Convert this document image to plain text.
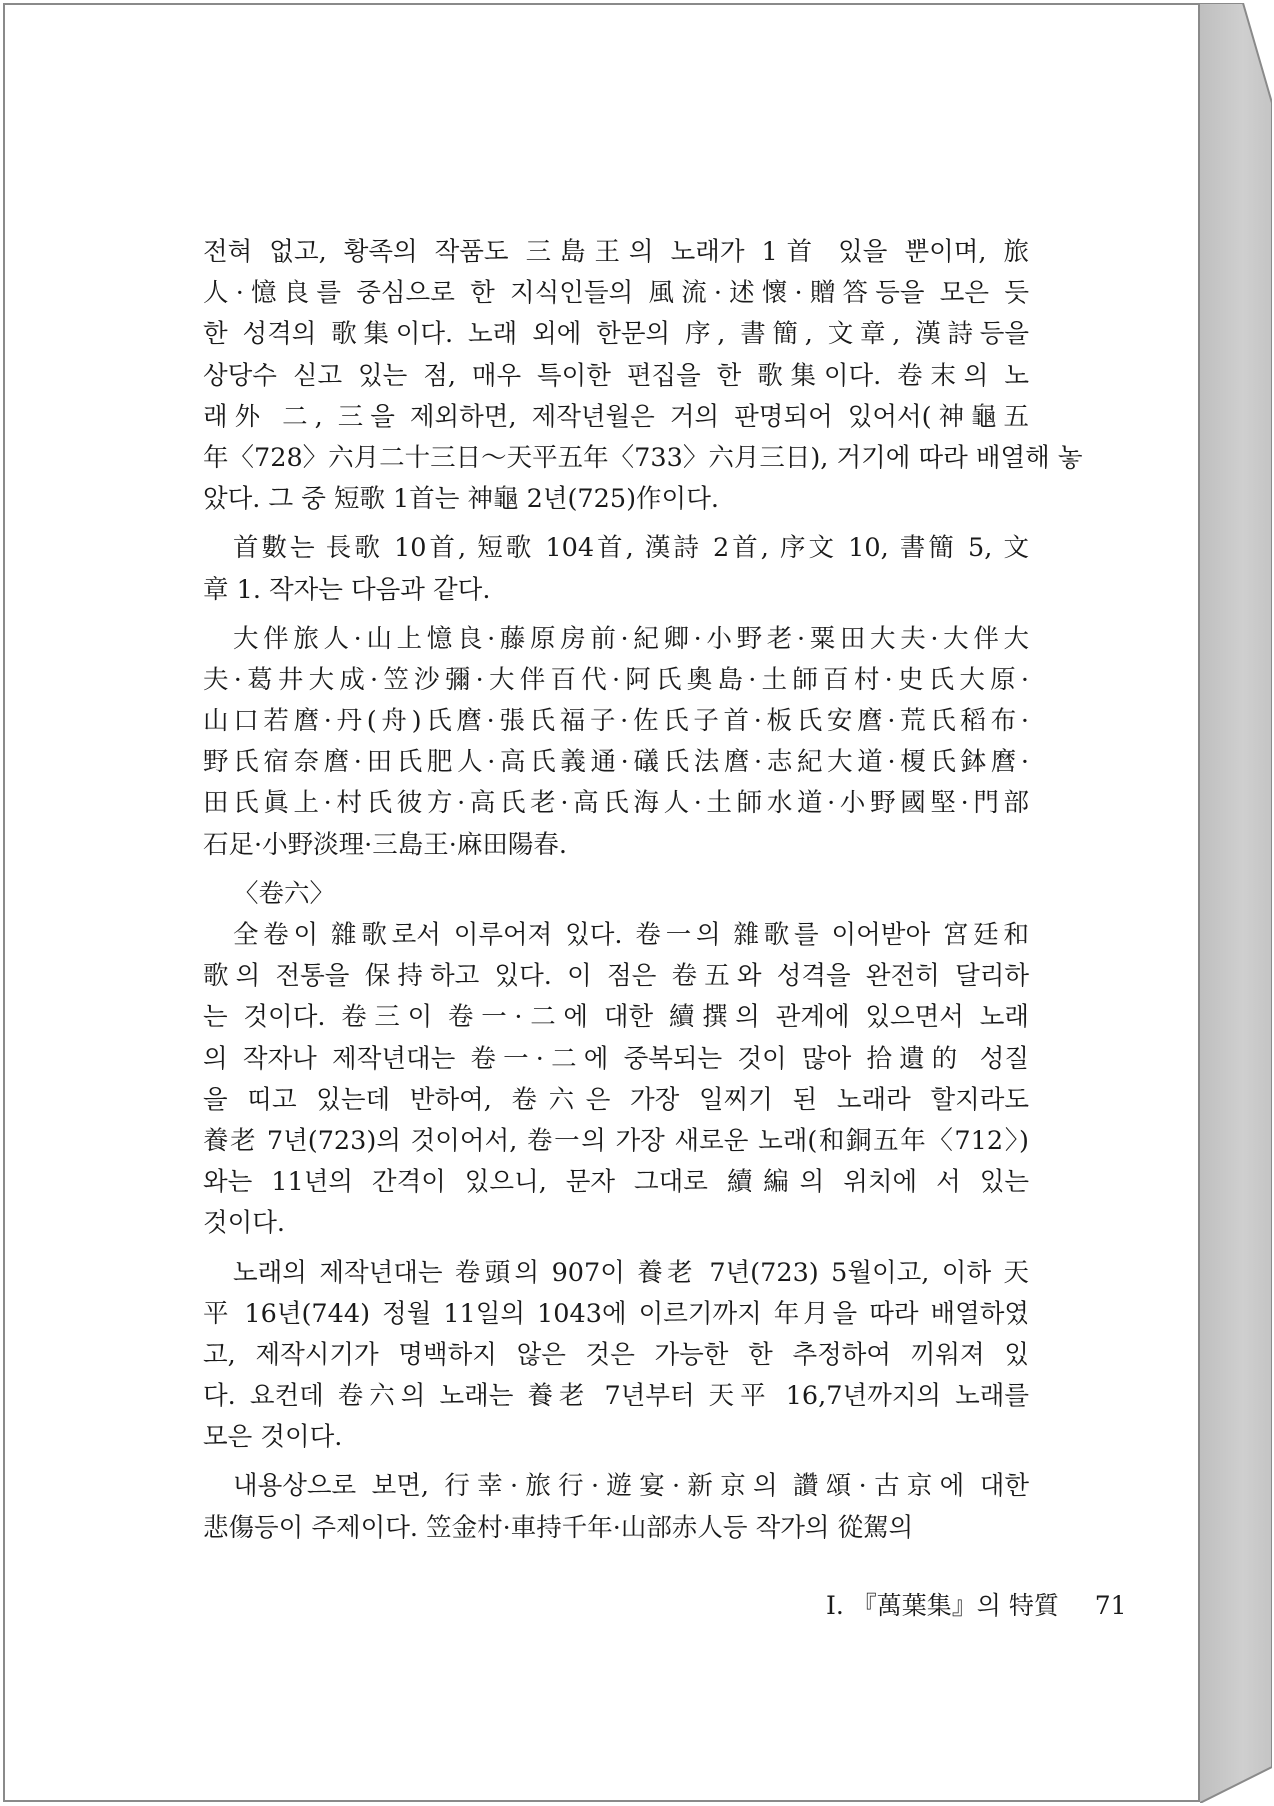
전혀 없고, 황족의 작품도 三島王의 노래가 1首 있을 뿐이며, 旅
人·憶良를 중심으로 한 지식인들의 風流·述懷·贈答등을 모은 듯
한 성격의 歌集이다. 노래 외에 한문의 序, 書簡, 文章, 漢詩등을
상당수 싣고 있는 점, 매우 특이한 편집을 한 歌集이다. 卷末의 노
래外 二, 三을 제외하면, 제작년월은 거의 판명되어 있어서(神龜五
年〈728〉六月二十三日～天平五年〈733〉六月三日), 거기에 따라 배열해 놓
았다. 그 중 短歌 1首는 神龜 2년(725)作이다.
首數는 長歌 10首, 短歌 104首, 漢詩 2首, 序文 10, 書簡 5, 文
章 1. 작자는 다음과 같다.
大伴旅人·山上憶良·藤原房前·紀卿·小野老·粟田大夫·大伴大
夫·葛井大成·笠沙彌·大伴百代·阿氏奧島·土師百村·史氏大原·
山口若麿·丹(舟)氏麿·張氏福子·佐氏子首·板氏安麿·荒氏稻布·
野氏宿奈麿·田氏肥人·高氏義通·礒氏法麿·志紀大道·榎氏鉢麿·
田氏眞上·村氏彼方·高氏老·高氏海人·土師水道·小野國堅·門部
石足·小野淡理·三島王·麻田陽春.
〈卷六〉
全卷이 雜歌로서 이루어져 있다. 卷一의 雜歌를 이어받아 宮廷和
歌의 전통을 保持하고 있다. 이 점은 卷五와 성격을 완전히 달리하
는 것이다. 卷三이 卷一·二에 대한 續撰의 관계에 있으면서 노래
의 작자나 제작년대는 卷一·二에 중복되는 것이 많아 拾遺的 성질
을 띠고 있는데 반하여, 卷六은 가장 일찌기 된 노래라 할지라도
養老 7년(723)의 것이어서, 卷一의 가장 새로운 노래(和銅五年〈712〉)
와는 11년의 간격이 있으니, 문자 그대로 續編의 위치에 서 있는
것이다.
노래의 제작년대는 卷頭의 907이 養老 7년(723) 5월이고, 이하 天
平 16년(744) 정월 11일의 1043에 이르기까지 年月을 따라 배열하였
고, 제작시기가 명백하지 않은 것은 가능한 한 추정하여 끼워져 있
다. 요컨데 卷六의 노래는 養老 7년부터 天平 16,7년까지의 노래를
모은 것이다.
내용상으로 보면, 行幸·旅行·遊宴·新京의 讚頌·古京에 대한
悲傷등이 주제이다. 笠金村·車持千年·山部赤人등 작가의 從駕의
I. 『萬葉集』의 特質 71
